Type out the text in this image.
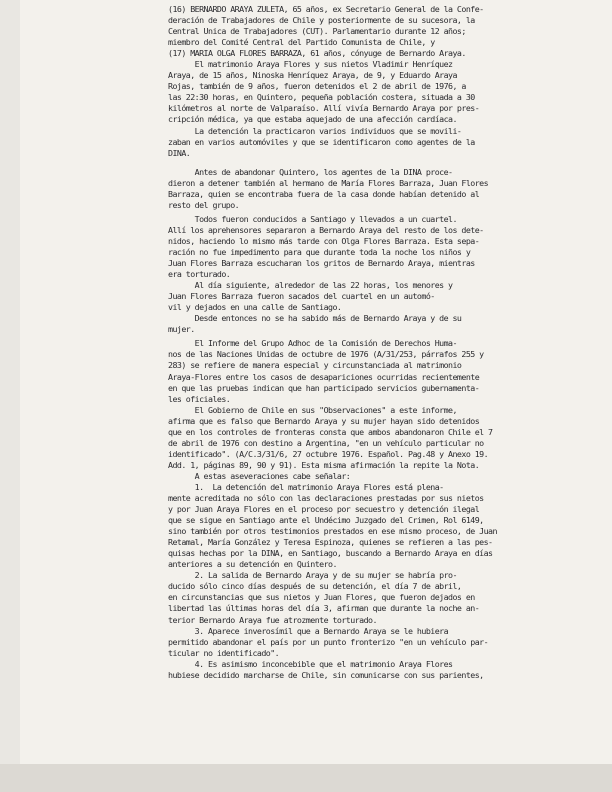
(16) BERNARDO ARAYA ZULETA, 65 años, ex Secretario General de la Confe-
deración de Trabajadores de Chile y posteriormente de su sucesora, la
Central Unica de Trabajadores (CUT). Parlamentario durante 12 años;
miembro del Comité Central del Partido Comunista de Chile, y
(17) MARIA OLGA FLORES BARRAZA, 61 años, cónyuge de Bernardo Araya.
El matrimonio Araya Flores y sus nietos Vladimir Henríquez
Araya, de 15 años, Ninoska Henríquez Araya, de 9, y Eduardo Araya
Rojas, también de 9 años, fueron detenidos el 2 de abril de 1976, a
las 22:30 horas, en Quintero, pequeña población costera, situada a 30
kilómetros al norte de Valparaíso. Allí vivía Bernardo Araya por pres-
cripción médica, ya que estaba aquejado de una afección cardíaca.
La detención la practicaron varios individuos que se movili-
zaban en varios automóviles y que se identificaron como agentes de la
DINA.
Antes de abandonar Quintero, los agentes de la DINA proce-
dieron a detener también al hermano de María Flores Barraza, Juan Flores
Barraza, quien se encontraba fuera de la casa donde habían detenido al
resto del grupo.
Todos fueron conducidos a Santiago y llevados a un cuartel.
Allí los aprehensores separaron a Bernardo Araya del resto de los dete-
nidos, haciendo lo mismo más tarde con Olga Flores Barraza. Esta sepa-
ración no fue impedimento para que durante toda la noche los niños y
Juan Flores Barraza escucharan los gritos de Bernardo Araya, mientras
era torturado.
Al día siguiente, alrededor de las 22 horas, los menores y
Juan Flores Barraza fueron sacados del cuartel en un automó-
vil y dejados en una calle de Santiago.
Desde entonces no se ha sabido más de Bernardo Araya y de su
mujer.
El Informe del Grupo Adhoc de la Comisión de Derechos Huma-
nos de las Naciones Unidas de octubre de 1976 (A/31/253, párrafos 255 y
283) se refiere de manera especial y circunstanciada al matrimonio
Araya-Flores entre los casos de desapariciones ocurridas recientemente
en que las pruebas indican que han participado servicios gubernamenta-
les oficiales.
El Gobierno de Chile en sus "Observaciones" a este informe,
afirma que es falso que Bernardo Araya y su mujer hayan sido detenidos
que en los controles de fronteras consta que ambos abandonaron Chile el 7
de abril de 1976 con destino a Argentina, "en un vehículo particular no
identificado". (A/C.3/31/6, 27 octubre 1976. Español. Pag.48 y Anexo 19.
Add. 1, páginas 89, 90 y 91). Esta misma afirmación la repite la Nota.
A estas aseveraciones cabe señalar:
1.  La detención del matrimonio Araya Flores está plena-
mente acreditada no sólo con las declaraciones prestadas por sus nietos
y por Juan Araya Flores en el proceso por secuestro y detención ilegal
que se sigue en Santiago ante el Undécimo Juzgado del Crimen, Rol 6149,
sino también por otros testimonios prestados en ese mismo proceso, de Juan
Retamal, María González y Teresa Espinoza, quienes se refieren a las pes-
quisas hechas por la DINA, en Santiago, buscando a Bernardo Araya en días
anteriores a su detención en Quintero.
2. La salida de Bernardo Araya y de su mujer se habría pro-
ducido sólo cinco días después de su detención, el día 7 de abril,
en circunstancias que sus nietos y Juan Flores, que fueron dejados en
libertad las últimas horas del día 3, afirman que durante la noche an-
terior Bernardo Araya fue atrozmente torturado.
3. Aparece inverosímil que a Bernardo Araya se le hubiera
permitido abandonar el país por un punto fronterizo "en un vehículo par-
ticular no identificado".
4. Es asimismo inconcebible que el matrimonio Araya Flores
hubiese decidido marcharse de Chile, sin comunicarse con sus parientes,
